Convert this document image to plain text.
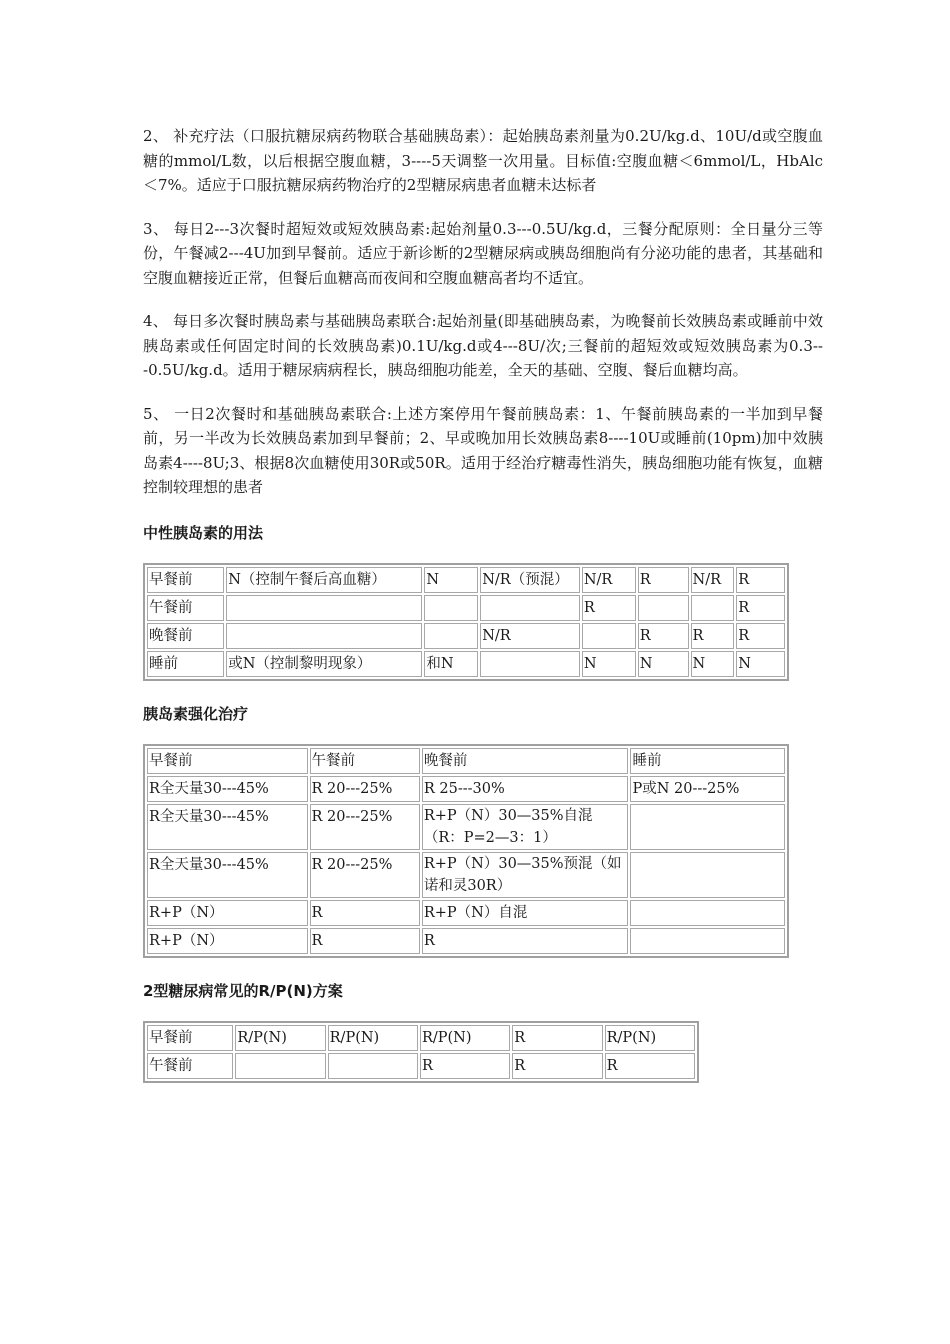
2、 补充疗法（口服抗糖尿病药物联合基础胰岛素）：起始胰岛素剂量为0.2U/kg.d、10U/d或空腹血糖的mmol/L数，以后根据空腹血糖，3----5天调整一次用量。目标值:空腹血糖＜6mmol/L，HbAlc＜7%。适应于口服抗糖尿病药物治疗的2型糖尿病患者血糖未达标者

3、 每日2---3次餐时超短效或短效胰岛素:起始剂量0.3---0.5U/kg.d，三餐分配原则：全日量分三等份，午餐减2---4U加到早餐前。适应于新诊断的2型糖尿病或胰岛细胞尚有分泌功能的患者，其基础和空腹血糖接近正常，但餐后血糖高而夜间和空腹血糖高者均不适宜。

4、 每日多次餐时胰岛素与基础胰岛素联合:起始剂量(即基础胰岛素，为晚餐前长效胰岛素或睡前中效胰岛素或任何固定时间的长效胰岛素)0.1U/kg.d或4---8U/次;三餐前的超短效或短效胰岛素为0.3---0.5U/kg.d。适用于糖尿病病程长，胰岛细胞功能差，全天的基础、空腹、餐后血糖均高。

5、 一日2次餐时和基础胰岛素联合:上述方案停用午餐前胰岛素：1、午餐前胰岛素的一半加到早餐前，另一半改为长效胰岛素加到早餐前；2、早或晚加用长效胰岛素8----10U或睡前(10pm)加中效胰岛素4----8U;3、根据8次血糖使用30R或50R。适用于经治疗糖毒性消失，胰岛细胞功能有恢复，血糖控制较理想的患者

中性胰岛素的用法
早餐前	N（控制午餐后高血糖）	N	N/R（预混）	N/R	R	N/R	R
午餐前				R			R
晚餐前			N/R		R	R	R
睡前	或N（控制黎明现象）	和N		N	N	N	N
胰岛素强化治疗
早餐前	午餐前	晚餐前	睡前
R全天量30---45%	R 20---25%	R 25---30%	P或N 20---25%
R全天量30---45%	R 20---25%	R+P（N）30—35%自混（R：P=2—3：1）	
R全天量30---45%	R 20---25%	R+P（N）30—35%预混（如诺和灵30R）	
R+P（N）	R	R+P（N）自混	
R+P（N）	R	R	
2型糖尿病常见的R/P(N)方案
早餐前	R/P(N)	R/P(N)	R/P(N)	R	R/P(N)
午餐前			R	R	R
